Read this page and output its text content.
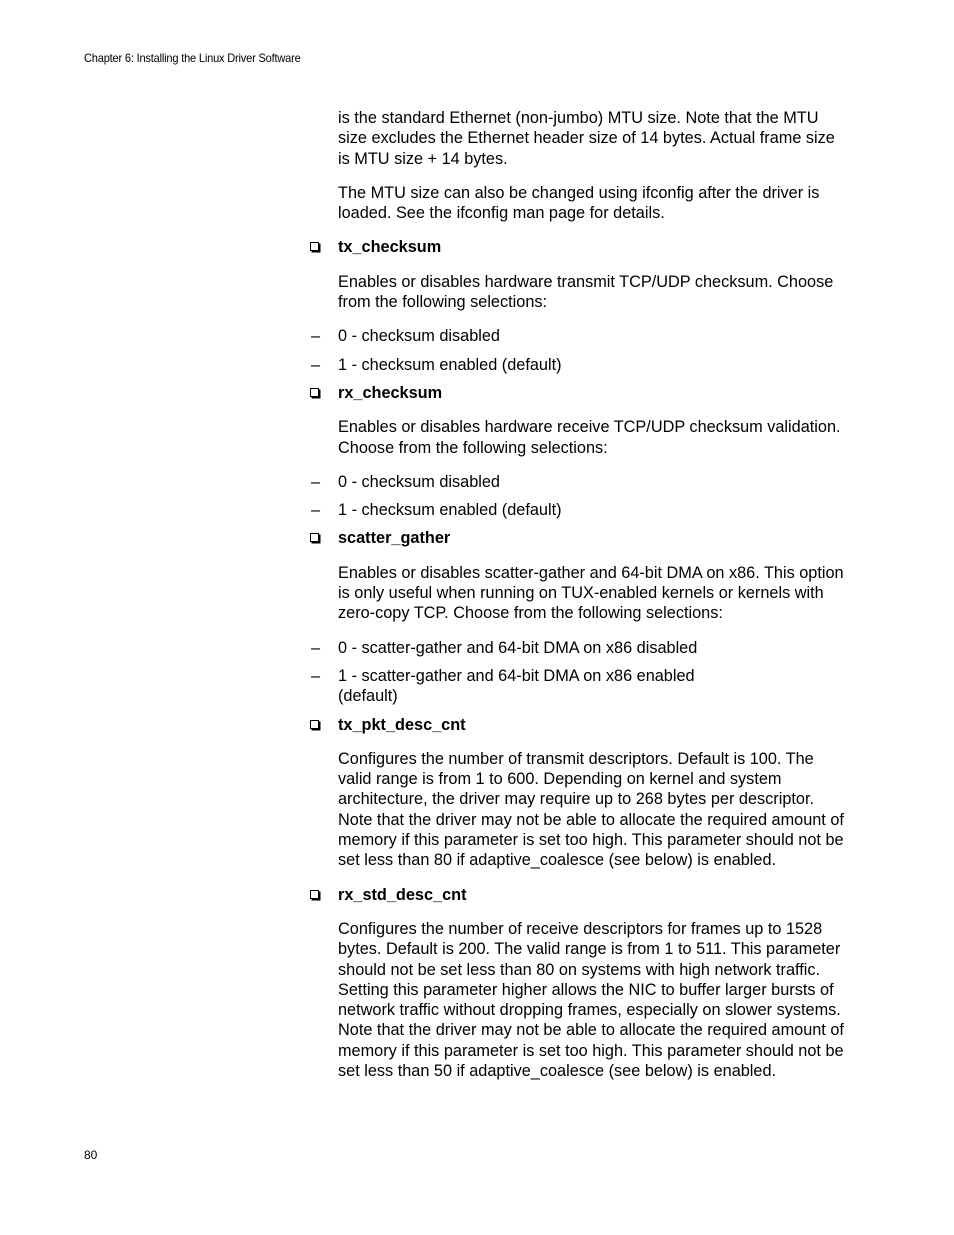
Chapter 6: Installing the Linux Driver Software

is the standard Ethernet (non-jumbo) MTU size. Note that the MTU size excludes the Ethernet header size of 14 bytes. Actual frame size is MTU size + 14 bytes.

The MTU size can also be changed using ifconfig after the driver is loaded. See the ifconfig man page for details.

tx_checksum

Enables or disables hardware transmit TCP/UDP checksum. Choose from the following selections:

– 0 - checksum disabled
– 1 - checksum enabled (default)
rx_checksum

Enables or disables hardware receive TCP/UDP checksum validation. Choose from the following selections:

– 0 - checksum disabled
– 1 - checksum enabled (default)
scatter_gather

Enables or disables scatter-gather and 64-bit DMA on x86. This option is only useful when running on TUX-enabled kernels or kernels with zero-copy TCP. Choose from the following selections:

– 0 - scatter-gather and 64-bit DMA on x86 disabled
– 1 - scatter-gather and 64-bit DMA on x86 enabled (default)
tx_pkt_desc_cnt

Configures the number of transmit descriptors. Default is 100. The valid range is from 1 to 600. Depending on kernel and system architecture, the driver may require up to 268 bytes per descriptor. Note that the driver may not be able to allocate the required amount of memory if this parameter is set too high. This parameter should not be set less than 80 if adaptive_coalesce (see below) is enabled.

rx_std_desc_cnt

Configures the number of receive descriptors for frames up to 1528 bytes. Default is 200. The valid range is from 1 to 511. This parameter should not be set less than 80 on systems with high network traffic. Setting this parameter higher allows the NIC to buffer larger bursts of network traffic without dropping frames, especially on slower systems. Note that the driver may not be able to allocate the required amount of memory if this parameter is set too high. This parameter should not be set less than 50 if adaptive_coalesce (see below) is enabled.

80
